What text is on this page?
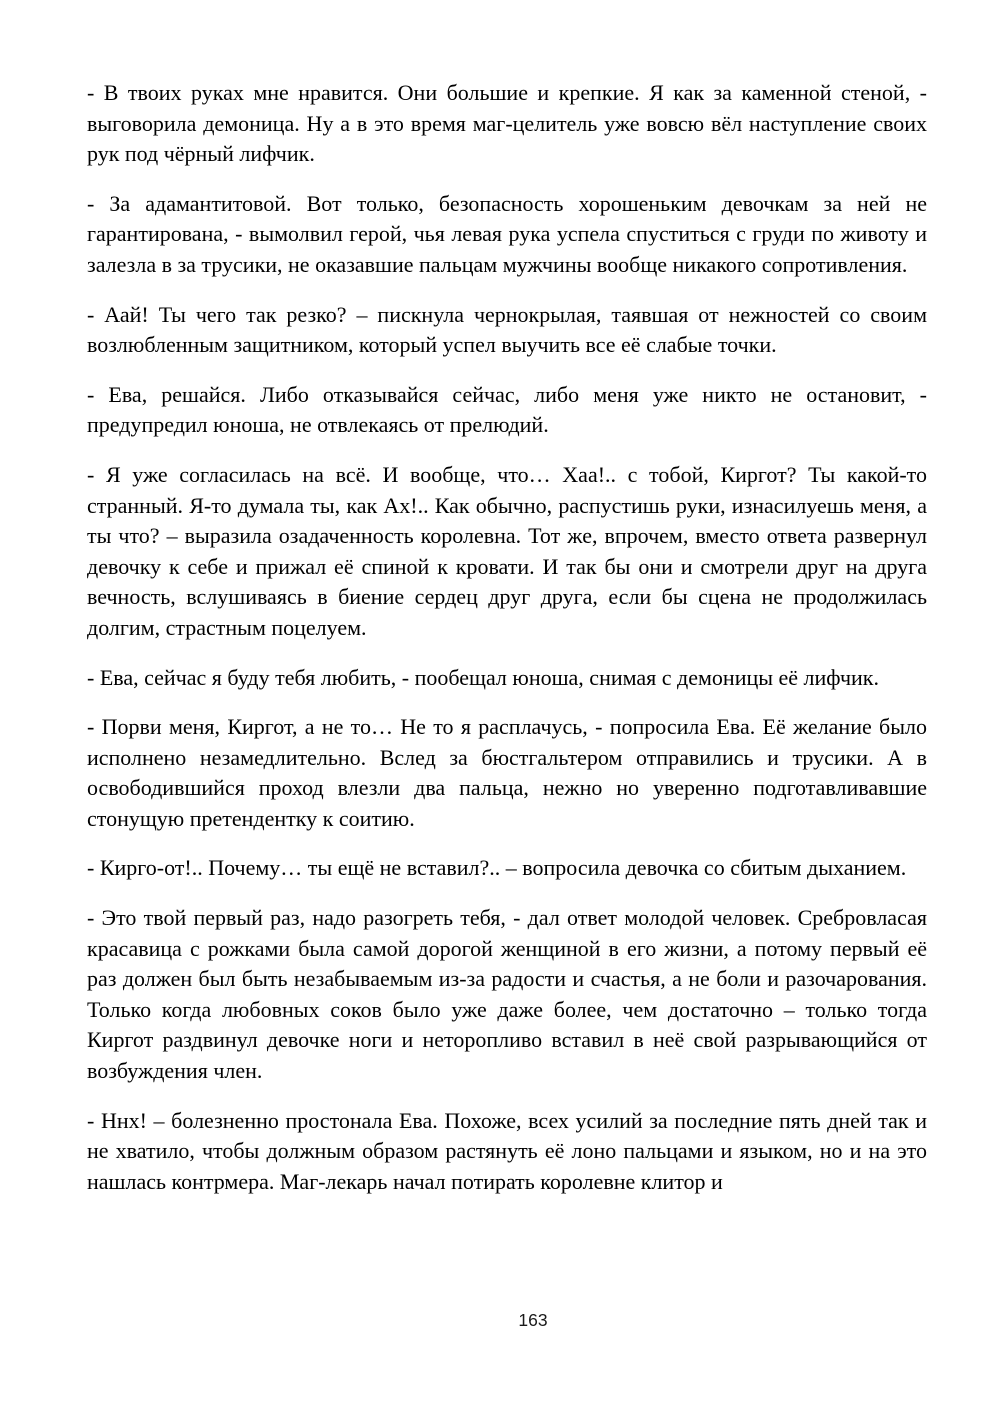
- В твоих руках мне нравится. Они большие и крепкие. Я как за каменной стеной, - выговорила демоница. Ну а в это время маг-целитель уже вовсю вёл наступление своих рук под чёрный лифчик.

- За адамантитовой. Вот только, безопасность хорошеньким девочкам за ней не гарантирована, - вымолвил герой, чья левая рука успела спуститься с груди по животу и залезла в за трусики, не оказавшие пальцам мужчины вообще никакого сопротивления.

- Аай! Ты чего так резко? – пискнула чернокрылая, таявшая от нежностей со своим возлюбленным защитником, который успел выучить все её слабые точки.

- Ева, решайся. Либо отказывайся сейчас, либо меня уже никто не остановит, - предупредил юноша, не отвлекаясь от прелюдий.

- Я уже согласилась на всё. И вообще, что… Хаа!.. с тобой, Киргот? Ты какой-то странный. Я-то думала ты, как Ах!.. Как обычно, распустишь руки, изнасилуешь меня, а ты что? – выразила озадаченность королевна. Тот же, впрочем, вместо ответа развернул девочку к себе и прижал её спиной к кровати. И так бы они и смотрели друг на друга вечность, вслушиваясь в биение сердец друг друга, если бы сцена не продолжилась долгим, страстным поцелуем.

- Ева, сейчас я буду тебя любить, - пообещал юноша, снимая с демоницы её лифчик.

- Порви меня, Киргот, а не то… Не то я расплачусь, - попросила Ева. Её желание было исполнено незамедлительно. Вслед за бюстгальтером отправились и трусики. А в освободившийся проход влезли два пальца, нежно но уверенно подготавливавшие стонущую претендентку к соитию.

- Кирго-от!.. Почему… ты ещё не вставил?.. – вопросила девочка со сбитым дыханием.

- Это твой первый раз, надо разогреть тебя, - дал ответ молодой человек. Сребровласая красавица с рожками была самой дорогой женщиной в его жизни, а потому первый её раз должен был быть незабываемым из-за радости и счастья, а не боли и разочарования. Только когда любовных соков было уже даже более, чем достаточно – только тогда Киргот раздвинул девочке ноги и неторопливо вставил в неё свой разрывающийся от возбуждения член.

- Ннх! – болезненно простонала Ева. Похоже, всех усилий за последние пять дней так и не хватило, чтобы должным образом растянуть её лоно пальцами и языком, но и на это нашлась контрмера. Маг-лекарь начал потирать королевне клитор и

163
